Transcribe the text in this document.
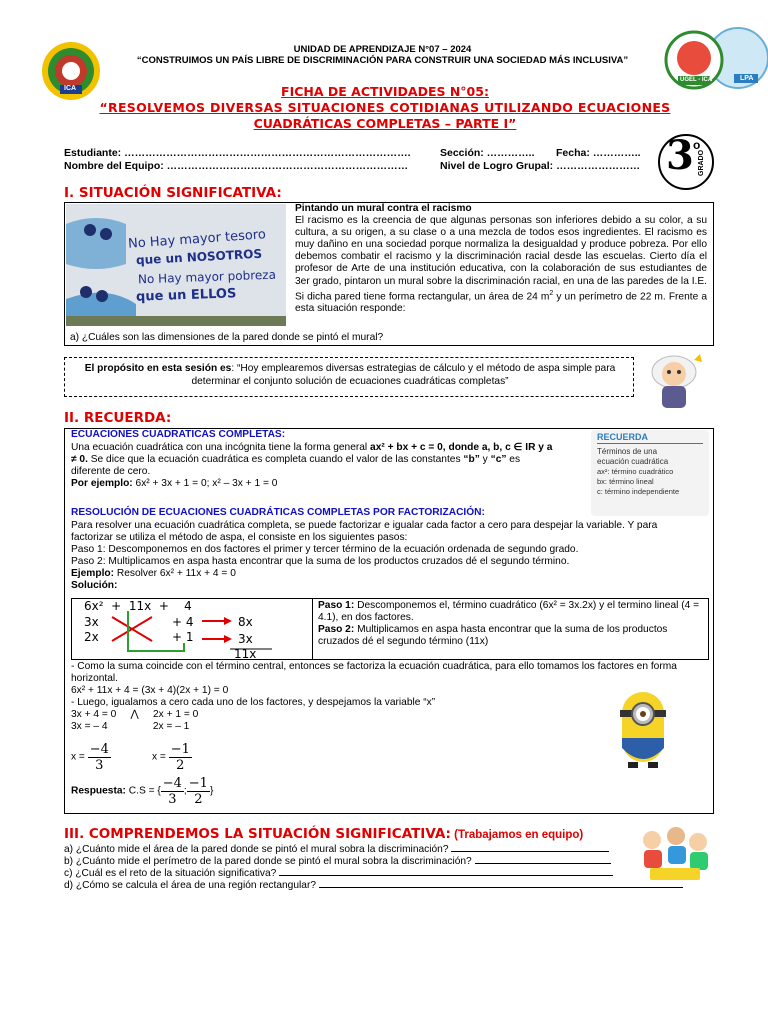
ICA
UGEL - ICA	LPA
UNIDAD DE APRENDIZAJE N°07 – 2024
“CONSTRUIMOS UN PAÍS LIBRE DE DISCRIMINACIÓN PARA CONSTRUIR UNA SOCIEDAD MÁS INCLUSIVA”
FICHA DE ACTIVIDADES N°05:
“RESOLVEMOS DIVERSAS SITUACIONES COTIDIANAS UTILIZANDO ECUACIONES
CUADRÁTICAS COMPLETAS – PARTE I”
Estudiante: ……………………………………………………………………….
Nombre del Equipo: ……………………………………………………………
Sección: ………….. Fecha: …………..
Nivel de Logro Grupal: …………………… 3 o
GRADO
I. SITUACIÓN SIGNIFICATIVA:
No Hay mayor tesoro
que un NOSOTROS
No Hay mayor pobreza
que un ELLOS
Pintando un mural contra el racismo
El racismo es la creencia de que algunas personas son inferiores debido a su color, a su cultura, a su origen, a su clase o a una mezcla de todos esos ingredientes. El racismo es muy dañino en una sociedad porque normaliza la desigualdad y produce pobreza. Por ello debemos combatir el racismo y la discriminación racial desde las escuelas. Cierto día el profesor de Arte de una institución educativa, con la colaboración de sus estudiantes de 3er grado, pintaron un mural sobre la discriminación racial, en una de las paredes de la I.E. Si dicha pared tiene forma rectangular, un área de 24 $m^2$ y un perímetro de 22 m. Frente a esta situación responde:
a) ¿Cuáles son las dimensiones de la pared donde se pintó el mural?
El propósito en esta sesión es: “Hoy emplearemos diversas estrategias de cálculo y el método de aspa simple para
determinar el conjunto solución de ecuaciones cuadráticas completas”
II. RECUERDA:
ECUACIONES CUADRATICAS COMPLETAS:
Una ecuación cuadrática con una incógnita tiene la forma general ax² + bx + c = 0, donde a, b, c ∈ IR y a
≠ 0. Se dice que la ecuación cuadrática es completa cuando el valor de las constantes “b” y “c” es
diferente de cero.
Por ejemplo: 6x² + 3x + 1 = 0; x² – 3x + 1 = 0
RECUERDA
Términos de una
ecuación cuadrática
ax²: término cuadrático
bx: término lineal
c: término independiente
RESOLUCIÓN DE ECUACIONES CUADRÁTICAS COMPLETAS POR FACTORIZACIÓN:
Para resolver una ecuación cuadrática completa, se puede factorizar e igualar cada factor a cero para despejar la variable. Y para
factorizar se utiliza el método de aspa, el consiste en los siguientes pasos:
Paso 1: Descomponemos en dos factores el primer y tercer término de la ecuación ordenada de segundo grado.
Paso 2: Multiplicamos en aspa hasta encontrar que la suma de los productos cruzados dé el segundo término.
Ejemplo: Resolver 6x² + 11x + 4 = 0
Solución:
6x²  +  11x  +    4
3x	+ 4
2x	+ 1
8x
3x
11x
Paso 1: Descomponemos el, término cuadrático (6x² = 3x.2x) y el termino lineal (4 = 4.1), en dos factores.
Paso 2: Multiplicamos en aspa hasta encontrar que la suma de los productos cruzados dé el segundo término (11x)
- Como la suma coincide con el término central, entonces se factoriza la ecuación cuadrática, para ello tomamos los factores en forma
horizontal.
6x² + 11x + 4 = (3x + 4)(2x + 1) = 0
- Luego, igualamos a cero cada uno de los factores, y despejamos la variable “x”
3x + 4 = 0     ⋀     2x + 1 = 0
3x = – 4                2x = – 1
$x = \frac{-4}{3}$	$x = \frac{-1}{2}$
Respuesta: C.S = { $\frac{-4}{3}$ ; $\frac{-1}{2}$ }
III. COMPRENDEMOS LA SITUACIÓN SIGNIFICATIVA: (Trabajamos en equipo)
a) ¿Cuánto mide el área de la pared donde se pintó el mural sobra la discriminación?
b) ¿Cuánto mide el perímetro de la pared donde se pintó el mural sobra la discriminación?
c) ¿Cuál es el reto de la situación significativa?
d) ¿Cómo se calcula el área de una región rectangular?
